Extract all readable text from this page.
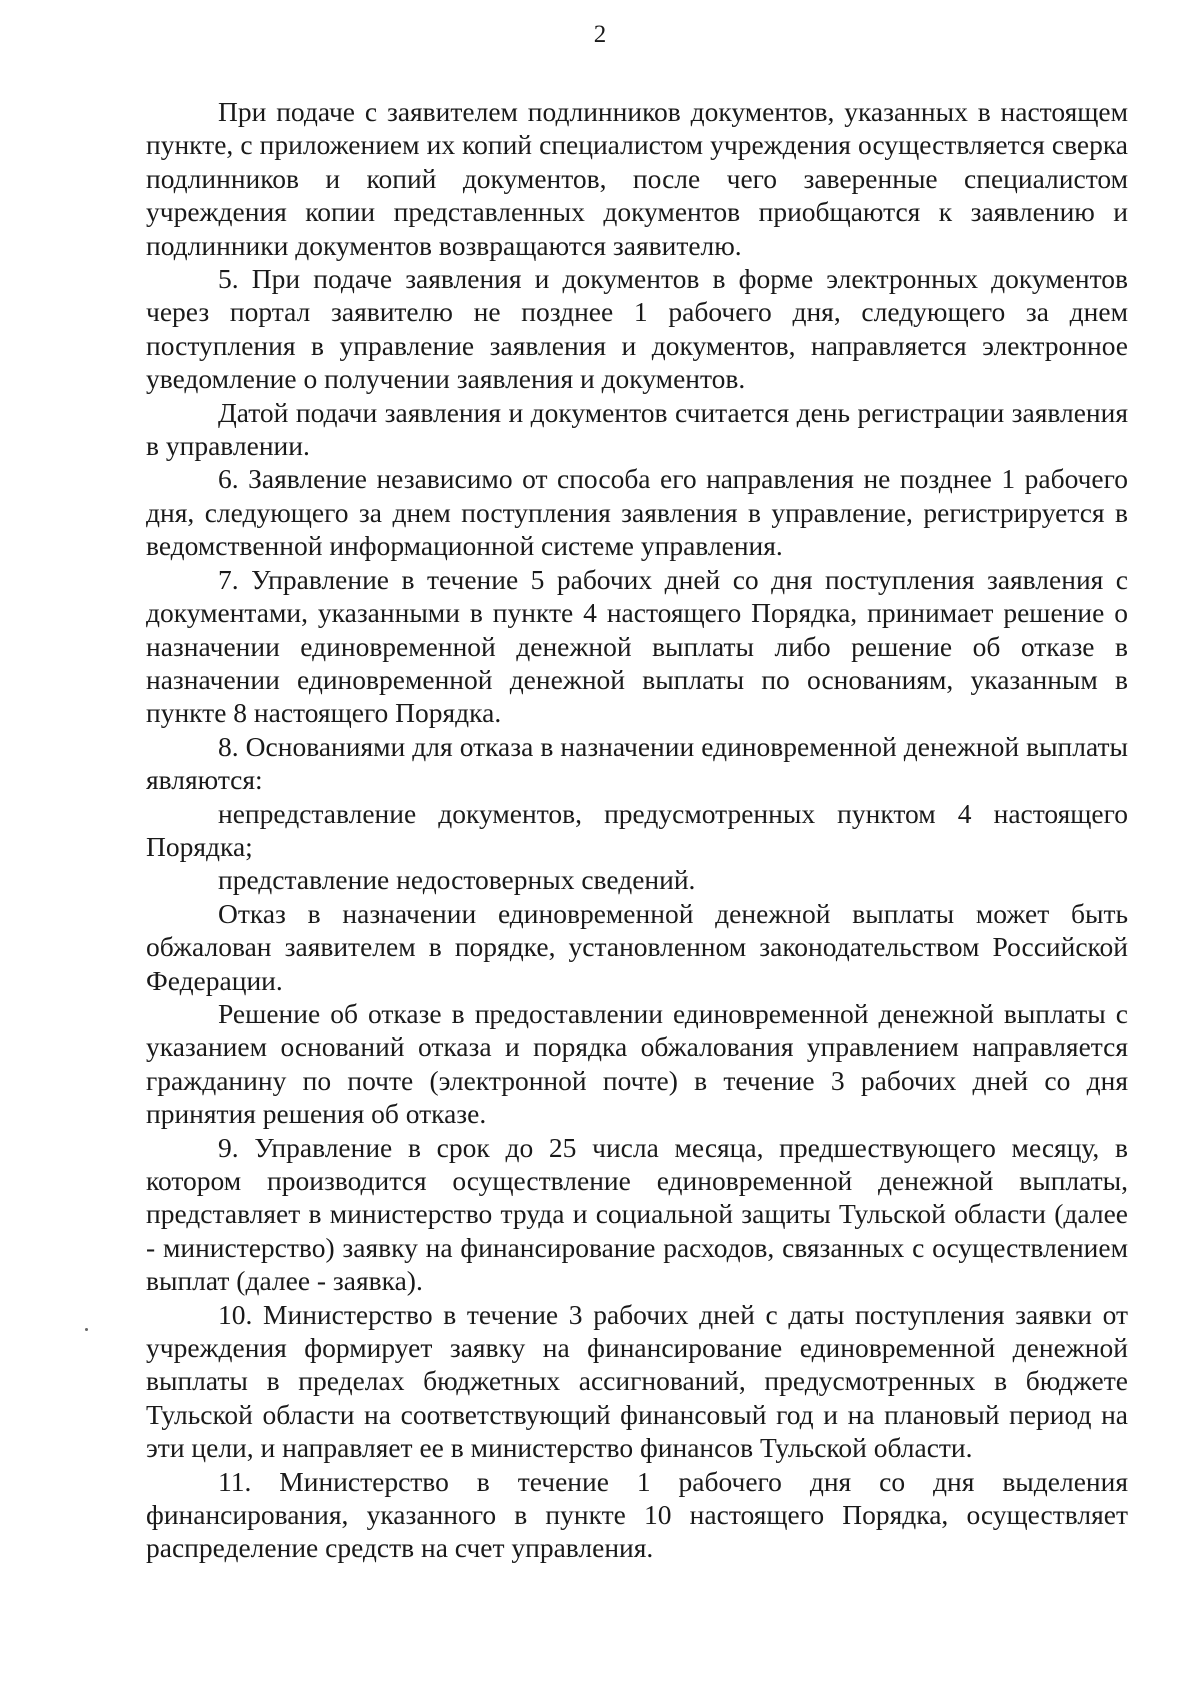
2

При подаче с заявителем подлинников документов, указанных в настоящем пункте, с приложением их копий специалистом учреждения осуществляется сверка подлинников и копий документов, после чего заверенные специалистом учреждения копии представленных документов приобщаются к заявлению и подлинники документов возвращаются заявителю.

5. При подаче заявления и документов в форме электронных документов через портал заявителю не позднее 1 рабочего дня, следующего за днем поступления в управление заявления и документов, направляется электронное уведомление о получении заявления и документов.

Датой подачи заявления и документов считается день регистрации заявления в управлении.

6. Заявление независимо от способа его направления не позднее 1 рабочего дня, следующего за днем поступления заявления в управление, регистрируется в ведомственной информационной системе управления.

7. Управление в течение 5 рабочих дней со дня поступления заявления с документами, указанными в пункте 4 настоящего Порядка, принимает решение о назначении единовременной денежной выплаты либо решение об отказе в назначении единовременной денежной выплаты по основаниям, указанным в пункте 8 настоящего Порядка.

8. Основаниями для отказа в назначении единовременной денежной выплаты являются:

непредставление документов, предусмотренных пунктом 4 настоящего Порядка;

представление недостоверных сведений.

Отказ в назначении единовременной денежной выплаты может быть обжалован заявителем в порядке, установленном законодательством Российской Федерации.

Решение об отказе в предоставлении единовременной денежной выплаты с указанием оснований отказа и порядка обжалования управлением направляется гражданину по почте (электронной почте) в течение 3 рабочих дней со дня принятия решения об отказе.

9. Управление в срок до 25 числа месяца, предшествующего месяцу, в котором производится осуществление единовременной денежной выплаты, представляет в министерство труда и социальной защиты Тульской области (далее - министерство) заявку на финансирование расходов, связанных с осуществлением выплат (далее - заявка).

10. Министерство в течение 3 рабочих дней с даты поступления заявки от учреждения формирует заявку на финансирование единовременной денежной выплаты в пределах бюджетных ассигнований, предусмотренных в бюджете Тульской области на соответствующий финансовый год и на плановый период на эти цели, и направляет ее в министерство финансов Тульской области.

11. Министерство в течение 1 рабочего дня со дня выделения финансирования, указанного в пункте 10 настоящего Порядка, осуществляет распределение средств на счет управления.
